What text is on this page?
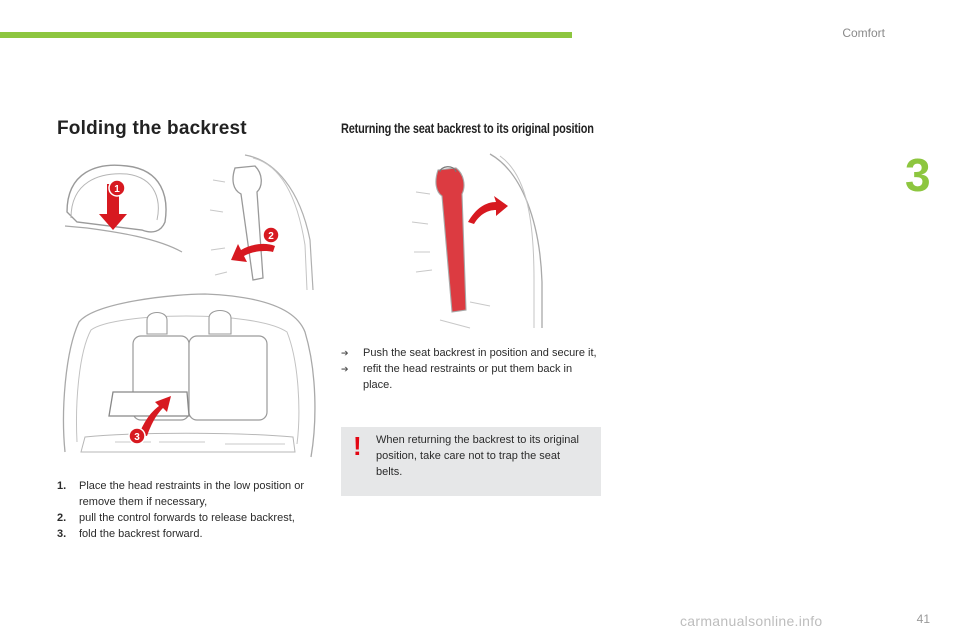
Comfort
3
Folding the backrest	Returning the seat backrest to its original position
1
2
3
1. Place the head restraints in the low position or remove them if necessary,
2. pull the control forwards to release backrest,
3. fold the backrest forward.
➔ Push the seat backrest in position and secure it,
➔ refit the head restraints or put them back in place.
! When returning the backrest to its original position, take care not to trap the seat belts.
carmanualsonline.info	41
